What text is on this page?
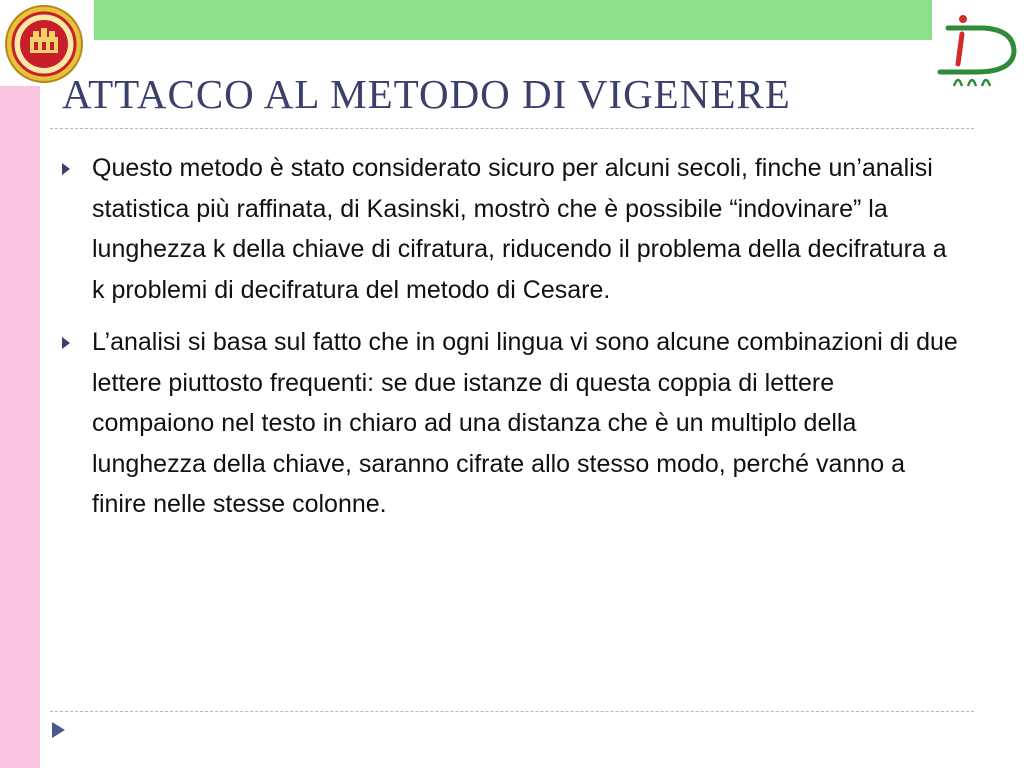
ATTACCO AL METODO DI VIGENERE
Questo metodo è stato considerato sicuro per alcuni secoli, finche un’analisi statistica più raffinata, di Kasinski, mostrò che è possibile “indovinare” la lunghezza k della chiave di cifratura, riducendo il problema della decifratura a k problemi di decifratura del metodo di Cesare.
L’analisi si basa sul fatto che in ogni lingua vi sono alcune combinazioni di due lettere piuttosto frequenti: se due istanze di questa coppia di lettere compaiono nel testo in chiaro ad una distanza che è un multiplo della lunghezza della chiave, saranno cifrate allo stesso modo, perché vanno a finire nelle stesse colonne.
